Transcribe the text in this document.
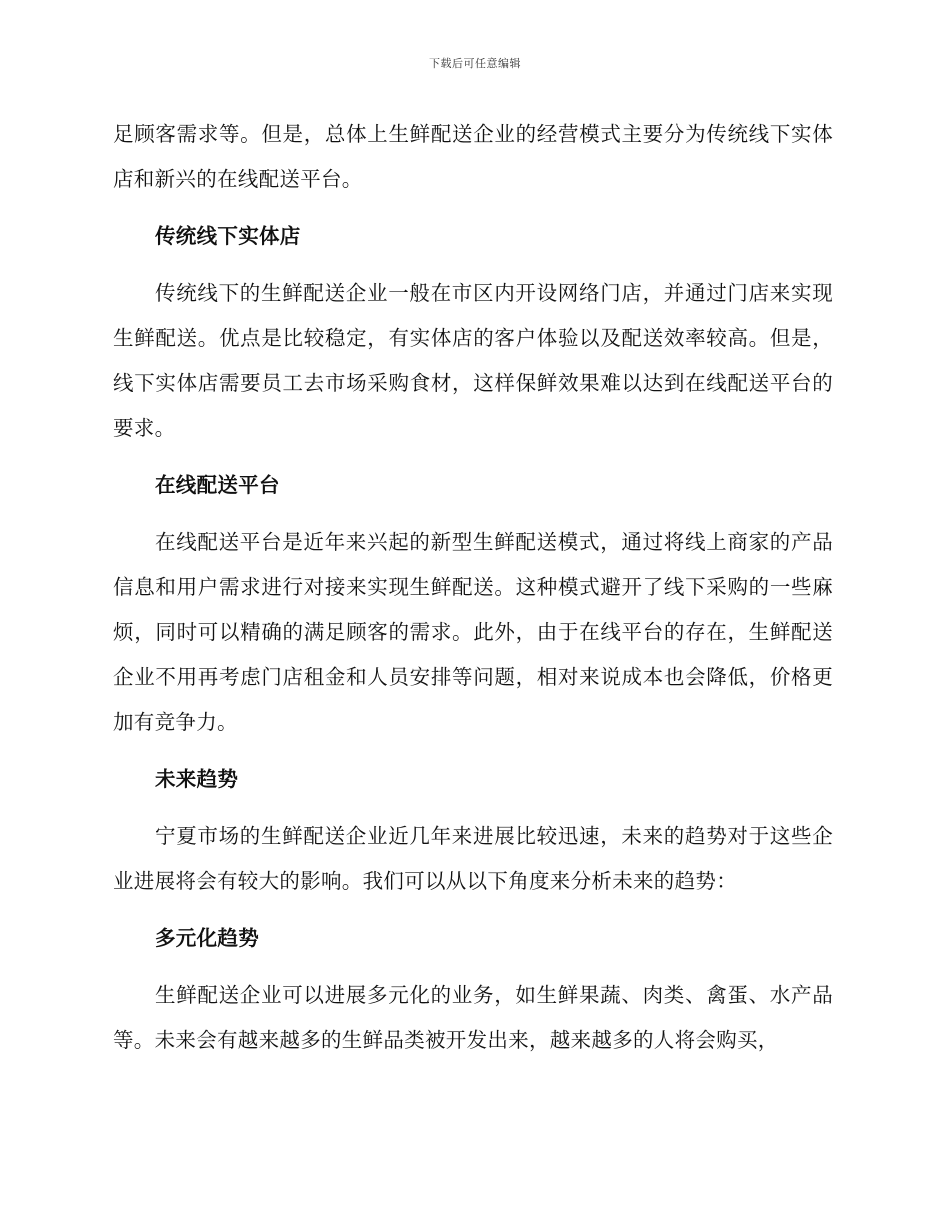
下载后可任意编辑

足顾客需求等。但是，总体上生鲜配送企业的经营模式主要分为传统线下实体店和新兴的在线配送平台。

传统线下实体店

传统线下的生鲜配送企业一般在市区内开设网络门店，并通过门店来实现生鲜配送。优点是比较稳定，有实体店的客户体验以及配送效率较高。但是，线下实体店需要员工去市场采购食材，这样保鲜效果难以达到在线配送平台的要求。

在线配送平台

在线配送平台是近年来兴起的新型生鲜配送模式，通过将线上商家的产品信息和用户需求进行对接来实现生鲜配送。这种模式避开了线下采购的一些麻烦，同时可以精确的满足顾客的需求。此外，由于在线平台的存在，生鲜配送企业不用再考虑门店租金和人员安排等问题，相对来说成本也会降低，价格更加有竞争力。

未来趋势

宁夏市场的生鲜配送企业近几年来进展比较迅速，未来的趋势对于这些企业进展将会有较大的影响。我们可以从以下角度来分析未来的趋势：

多元化趋势

生鲜配送企业可以进展多元化的业务，如生鲜果蔬、肉类、禽蛋、水产品等。未来会有越来越多的生鲜品类被开发出来，越来越多的人将会购买，
